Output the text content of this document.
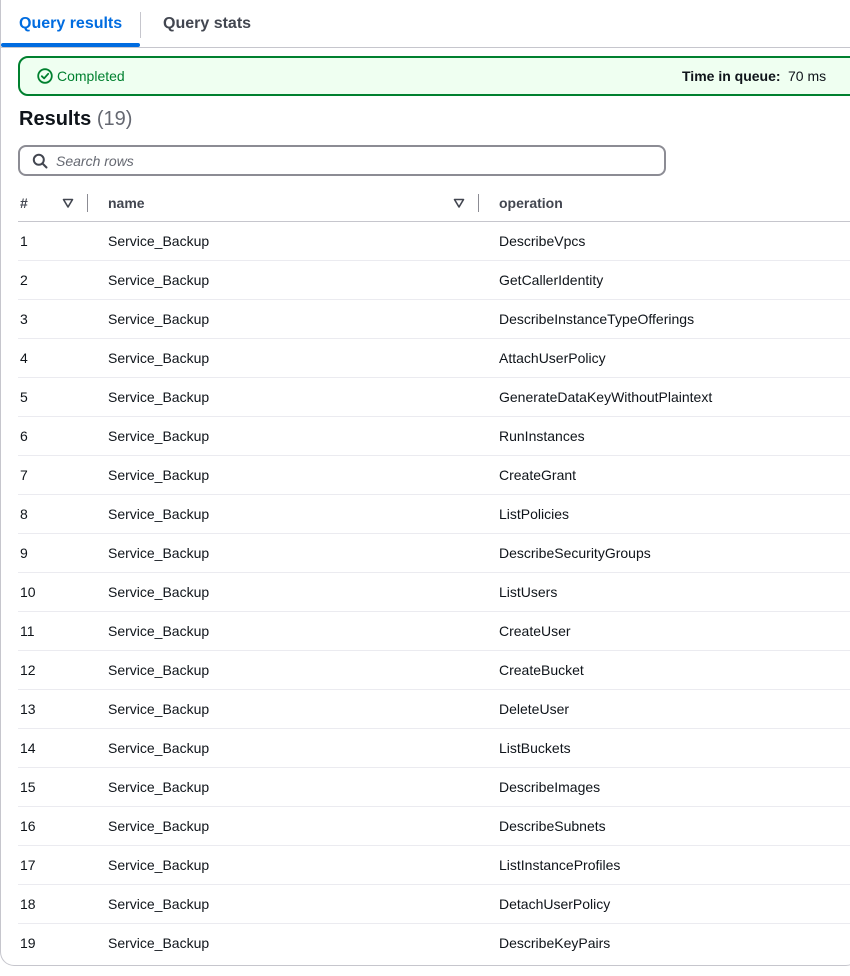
Query results	Query stats
Completed	Time in queue: 70 ms
Results (19)
Search rows
#	name	operation
1	Service_Backup	DescribeVpcs
2	Service_Backup	GetCallerIdentity
3	Service_Backup	DescribeInstanceTypeOfferings
4	Service_Backup	AttachUserPolicy
5	Service_Backup	GenerateDataKeyWithoutPlaintext
6	Service_Backup	RunInstances
7	Service_Backup	CreateGrant
8	Service_Backup	ListPolicies
9	Service_Backup	DescribeSecurityGroups
10	Service_Backup	ListUsers
11	Service_Backup	CreateUser
12	Service_Backup	CreateBucket
13	Service_Backup	DeleteUser
14	Service_Backup	ListBuckets
15	Service_Backup	DescribeImages
16	Service_Backup	DescribeSubnets
17	Service_Backup	ListInstanceProfiles
18	Service_Backup	DetachUserPolicy
19	Service_Backup	DescribeKeyPairs
